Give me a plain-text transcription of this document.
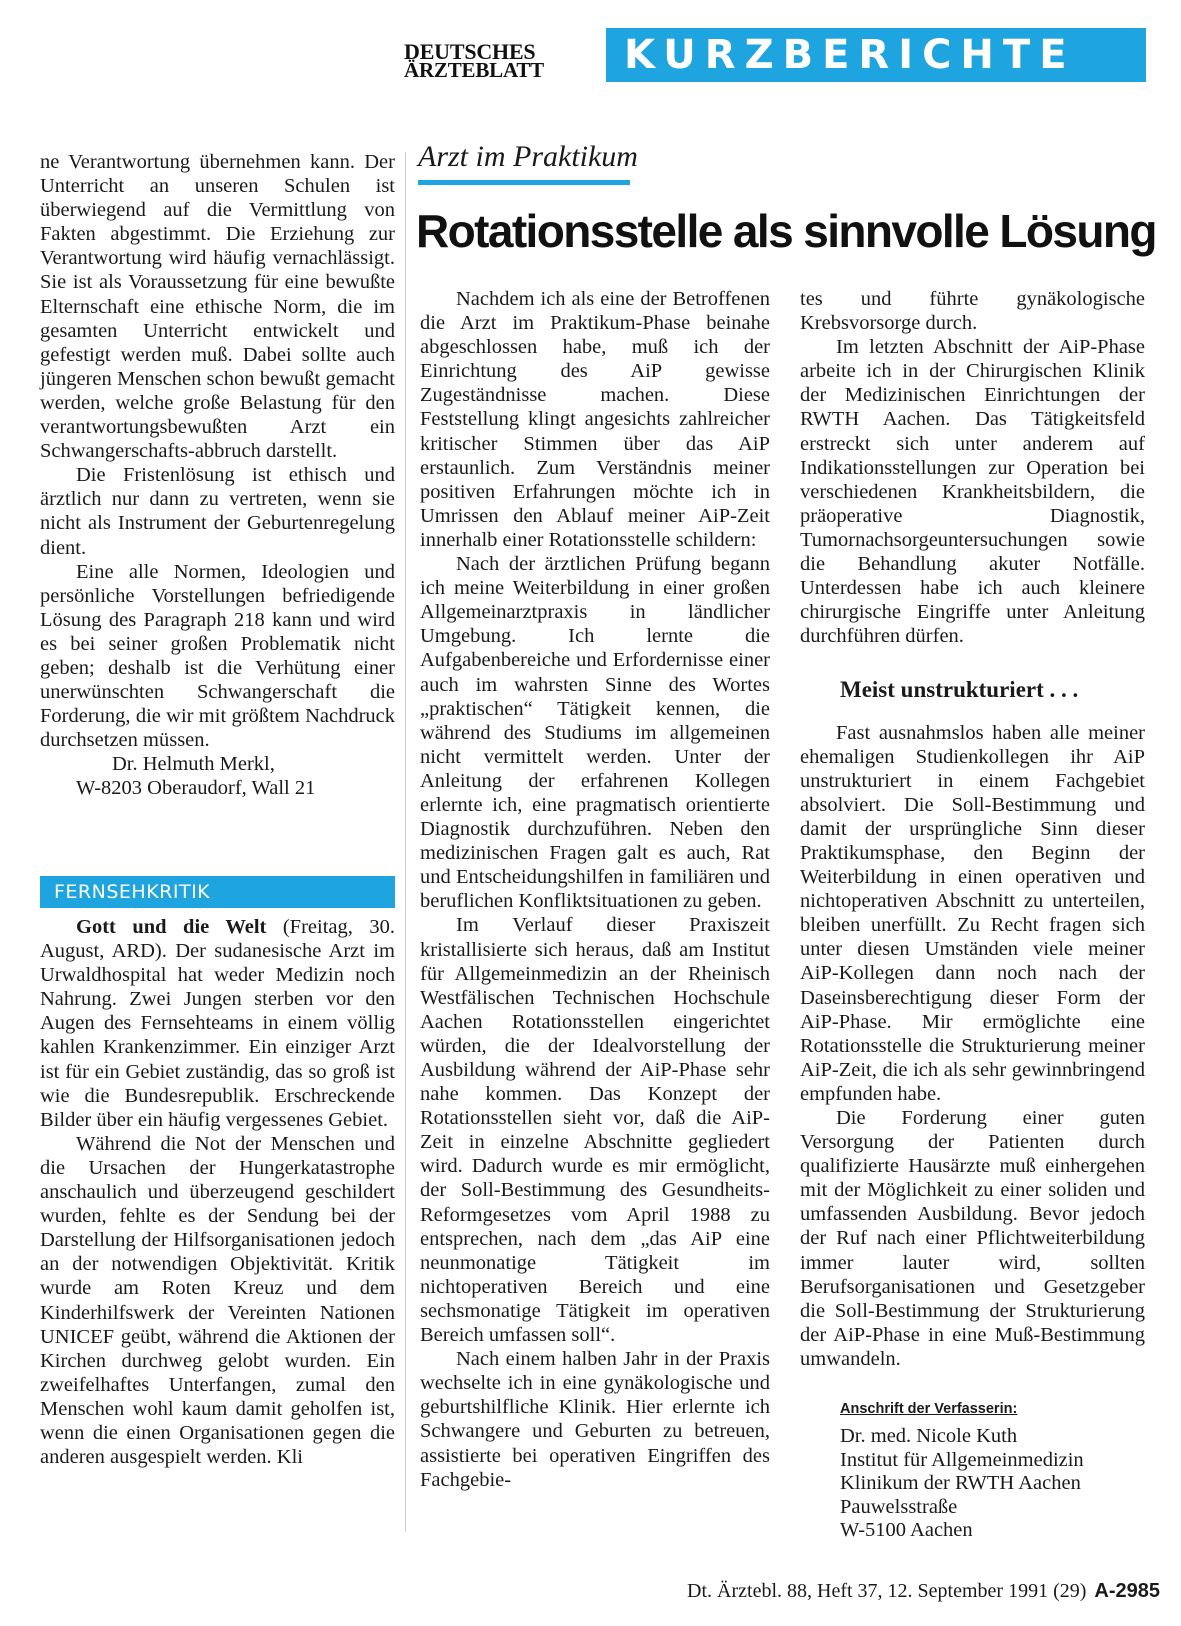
DEUTSCHES
ÄRZTEBLATT	KURZBERICHTE

ne Verantwortung übernehmen kann. Der Unterricht an unseren Schulen ist überwiegend auf die Vermittlung von Fakten abgestimmt. Die Erziehung zur Verantwortung wird häufig vernachlässigt. Sie ist als Voraussetzung für eine bewußte Elternschaft eine ethische Norm, die im gesamten Unterricht entwickelt und gefestigt werden muß. Dabei sollte auch jüngeren Menschen schon bewußt gemacht werden, welche große Belastung für den verantwortungsbewußten Arzt ein Schwangerschafts-abbruch darstellt.

Die Fristenlösung ist ethisch und ärztlich nur dann zu vertreten, wenn sie nicht als Instrument der Geburtenregelung dient.

Eine alle Normen, Ideologien und persönliche Vorstellungen befriedigende Lösung des Paragraph 218 kann und wird es bei seiner großen Problematik nicht geben; deshalb ist die Verhütung einer unerwünschten Schwangerschaft die Forderung, die wir mit größtem Nachdruck durchsetzen müssen.

Dr. Helmuth Merkl,

W-8203 Oberaudorf, Wall 21

FERNSEHKRITIK

Gott und die Welt (Freitag, 30. August, ARD). Der sudanesische Arzt im Urwaldhospital hat weder Medizin noch Nahrung. Zwei Jungen sterben vor den Augen des Fernsehteams in einem völlig kahlen Krankenzimmer. Ein einziger Arzt ist für ein Gebiet zuständig, das so groß ist wie die Bundesrepublik. Erschreckende Bilder über ein häufig vergessenes Gebiet.

Während die Not der Menschen und die Ursachen der Hungerkatastrophe anschaulich und überzeugend geschildert wurden, fehlte es der Sendung bei der Darstellung der Hilfsorganisationen jedoch an der notwendigen Objektivität. Kritik wurde am Roten Kreuz und dem Kinderhilfswerk der Vereinten Nationen UNICEF geübt, während die Aktionen der Kirchen durchweg gelobt wurden. Ein zweifelhaftes Unterfangen, zumal den Menschen wohl kaum damit geholfen ist, wenn die einen Organisationen gegen die anderen ausgespielt werden. Kli

Arzt im Praktikum
Rotationsstelle als sinnvolle Lösung

Nachdem ich als eine der Betroffenen die Arzt im Praktikum-Phase beinahe abgeschlossen habe, muß ich der Einrichtung des AiP gewisse Zugeständnisse machen. Diese Feststellung klingt angesichts zahlreicher kritischer Stimmen über das AiP erstaunlich. Zum Verständnis meiner positiven Erfahrungen möchte ich in Umrissen den Ablauf meiner AiP-Zeit innerhalb einer Rotationsstelle schildern:

Nach der ärztlichen Prüfung begann ich meine Weiterbildung in einer großen Allgemeinarztpraxis in ländlicher Umgebung. Ich lernte die Aufgabenbereiche und Erfordernisse einer auch im wahrsten Sinne des Wortes „praktischen“ Tätigkeit kennen, die während des Studiums im allgemeinen nicht vermittelt werden. Unter der Anleitung der erfahrenen Kollegen erlernte ich, eine pragmatisch orientierte Diagnostik durchzuführen. Neben den medizinischen Fragen galt es auch, Rat und Entscheidungshilfen in familiären und beruflichen Konfliktsituationen zu geben.

Im Verlauf dieser Praxiszeit kristallisierte sich heraus, daß am Institut für Allgemeinmedizin an der Rheinisch Westfälischen Technischen Hochschule Aachen Rotationsstellen eingerichtet würden, die der Idealvorstellung der Ausbildung während der AiP-Phase sehr nahe kommen. Das Konzept der Rotationsstellen sieht vor, daß die AiP-Zeit in einzelne Abschnitte gegliedert wird. Dadurch wurde es mir ermöglicht, der Soll-Bestimmung des Gesundheits-Reformgesetzes vom April 1988 zu entsprechen, nach dem „das AiP eine neunmonatige Tätigkeit im nichtoperativen Bereich und eine sechsmonatige Tätigkeit im operativen Bereich umfassen soll“.

Nach einem halben Jahr in der Praxis wechselte ich in eine gynäkologische und geburtshilfliche Klinik. Hier erlernte ich Schwangere und Geburten zu betreuen, assistierte bei operativen Eingriffen des Fachgebie-

tes und führte gynäkologische Krebsvorsorge durch.

Im letzten Abschnitt der AiP-Phase arbeite ich in der Chirurgischen Klinik der Medizinischen Einrichtungen der RWTH Aachen. Das Tätigkeitsfeld erstreckt sich unter anderem auf Indikationsstellungen zur Operation bei verschiedenen Krankheitsbildern, die präoperative Diagnostik, Tumornachsorgeuntersuchungen sowie die Behandlung akuter Notfälle. Unterdessen habe ich auch kleinere chirurgische Eingriffe unter Anleitung durchführen dürfen.

Meist unstrukturiert . . .

Fast ausnahmslos haben alle meiner ehemaligen Studienkollegen ihr AiP unstrukturiert in einem Fachgebiet absolviert. Die Soll-Bestimmung und damit der ursprüngliche Sinn dieser Praktikumsphase, den Beginn der Weiterbildung in einen operativen und nichtoperativen Abschnitt zu unterteilen, bleiben unerfüllt. Zu Recht fragen sich unter diesen Umständen viele meiner AiP-Kollegen dann noch nach der Daseinsberechtigung dieser Form der AiP-Phase. Mir ermöglichte eine Rotationsstelle die Strukturierung meiner AiP-Zeit, die ich als sehr gewinnbringend empfunden habe.

Die Forderung einer guten Versorgung der Patienten durch qualifizierte Hausärzte muß einhergehen mit der Möglichkeit zu einer soliden und umfassenden Ausbildung. Bevor jedoch der Ruf nach einer Pflichtweiterbildung immer lauter wird, sollten Berufsorganisationen und Gesetzgeber die Soll-Bestimmung der Strukturierung der AiP-Phase in eine Muß-Bestimmung umwandeln.

Anschrift der Verfasserin:
Dr. med. Nicole Kuth
Institut für Allgemeinmedizin
Klinikum der RWTH Aachen
Pauwelsstraße
W-5100 Aachen
Dt. Ärztebl. 88, Heft 37, 12. September 1991 (29) A-2985
